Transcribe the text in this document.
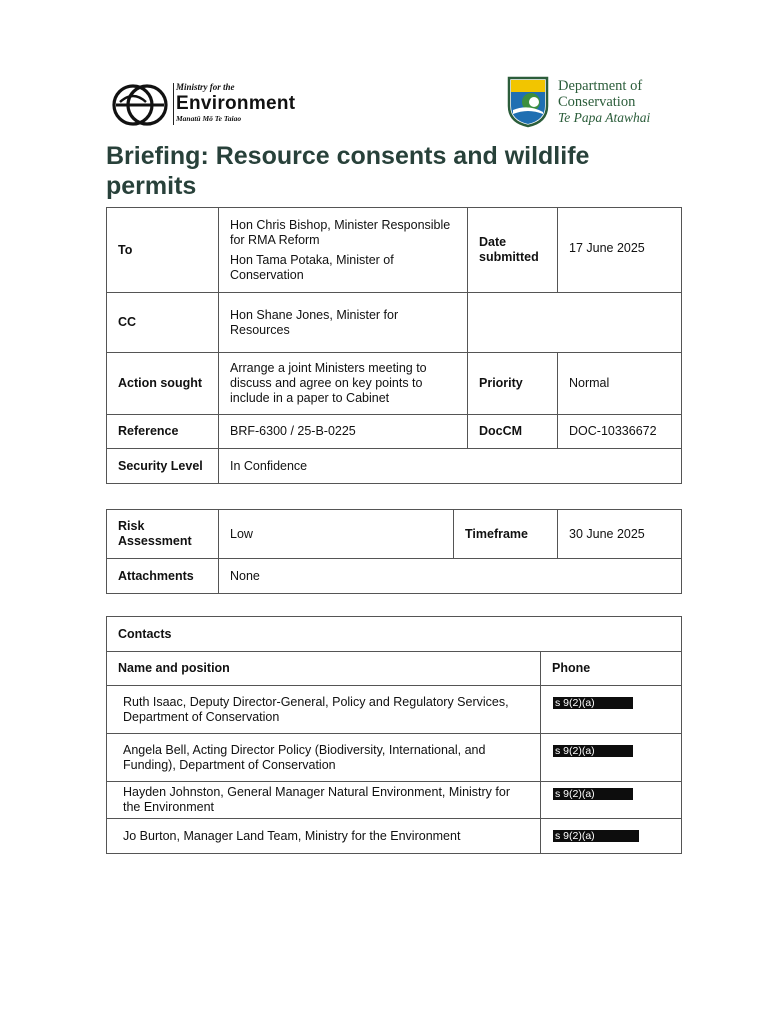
Ministry for the
Environment
Manatū Mō Te Taiao
Department of
Conservation
Te Papa Atawhai
Briefing: Resource consents and wildlife permits
To	Hon Chris Bishop, Minister Responsible for RMA Reform

Hon Tama Potaka, Minister of Conservation	Date submitted	17 June 2025
CC	Hon Shane Jones, Minister for Resources		
Action sought	Arrange a joint Ministers meeting to discuss and agree on key points to include in a paper to Cabinet	Priority	Normal
Reference	BRF-6300 / 25-B-0225	DocCM	DOC-10336672
Security Level	In Confidence		
Risk Assessment	Low	Timeframe	30 June 2025
Attachments	None		
Contacts	
Name and position	Phone
Ruth Isaac, Deputy Director-General, Policy and Regulatory Services, Department of Conservation	s 9(2)(a)
Angela Bell, Acting Director Policy (Biodiversity, International, and Funding), Department of Conservation	s 9(2)(a)
Hayden Johnston, General Manager Natural Environment, Ministry for the Environment	s 9(2)(a)
Jo Burton, Manager Land Team, Ministry for the Environment	s 9(2)(a)
